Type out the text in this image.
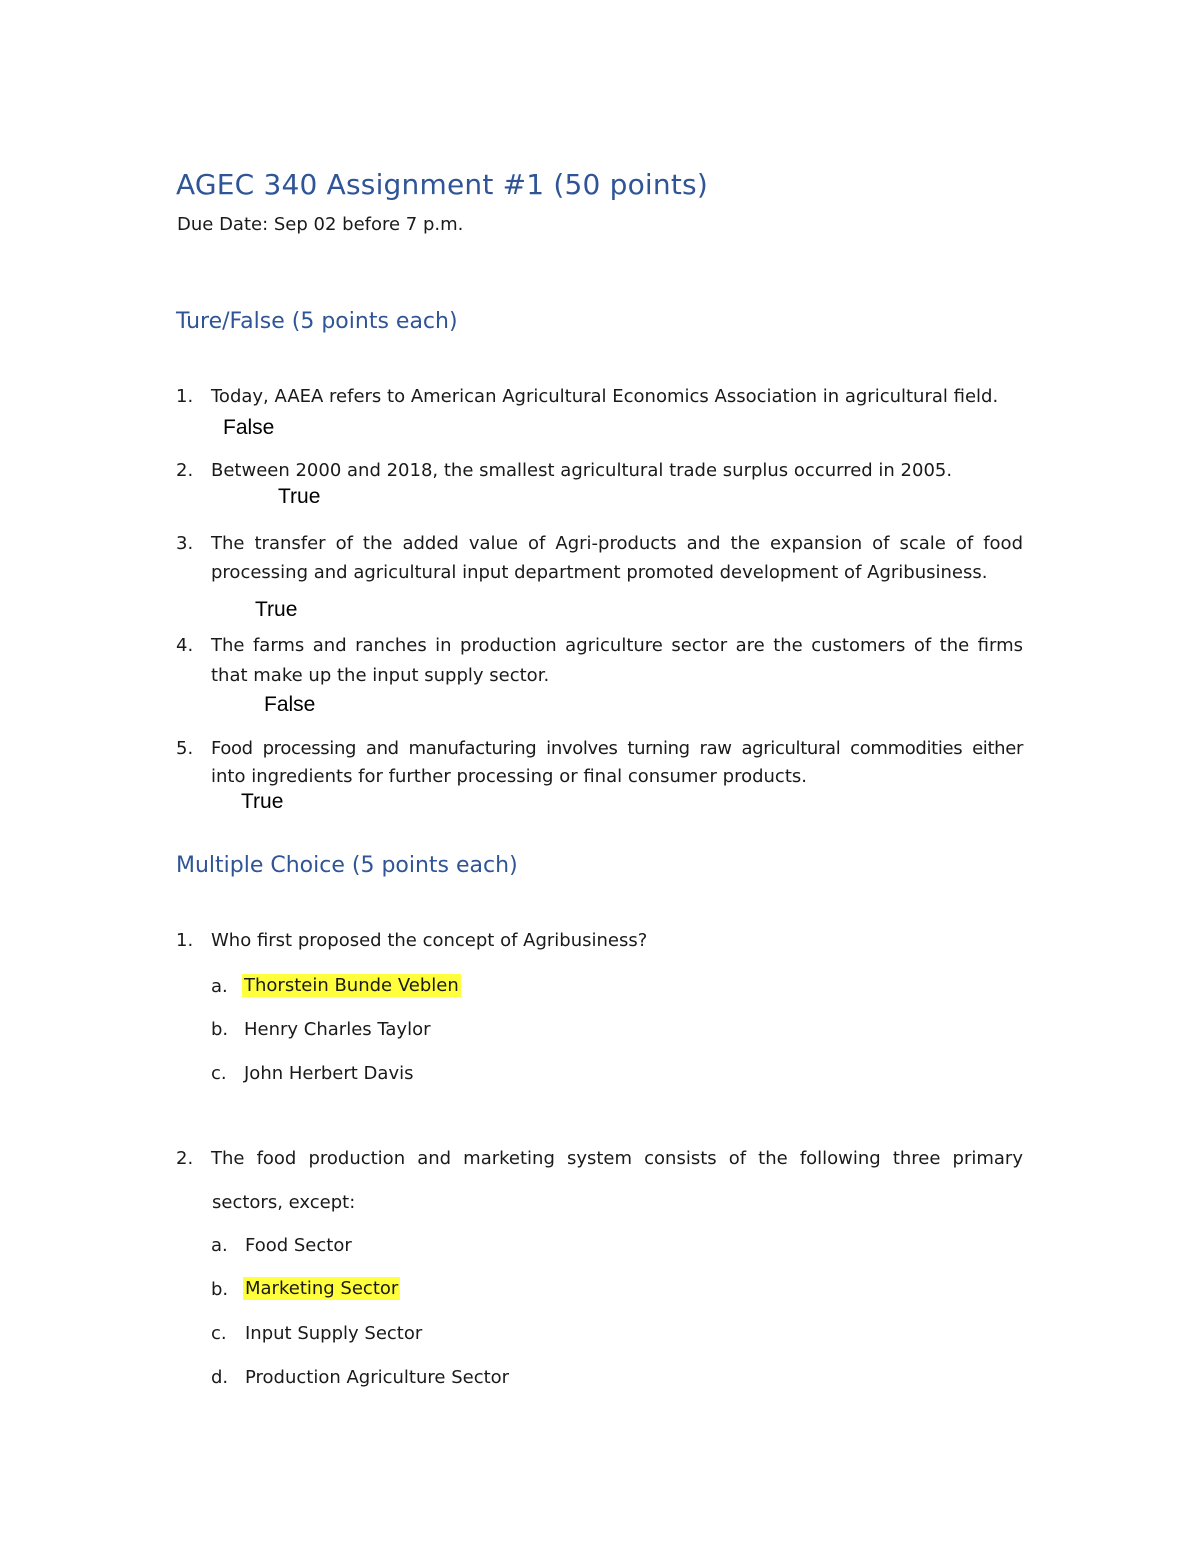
AGEC 340 Assignment #1 (50 points)
Due Date: Sep 02 before 7 p.m.
Ture/False (5 points each)
1. Today, AAEA refers to American Agricultural Economics Association in agricultural field.
False
2. Between 2000 and 2018, the smallest agricultural trade surplus occurred in 2005.
True
3. The transfer of the added value of Agri-products and the expansion of scale of food
processing and agricultural input department promoted development of Agribusiness.
True
4. The farms and ranches in production agriculture sector are the customers of the firms
that make up the input supply sector.
False
5. Food processing and manufacturing involves turning raw agricultural commodities either
into ingredients for further processing or final consumer products.
True
Multiple Choice (5 points each)
1. Who first proposed the concept of Agribusiness?
a. Thorstein Bunde Veblen
b. Henry Charles Taylor
c. John Herbert Davis
2. The food production and marketing system consists of the following three primary
sectors, except:
a. Food Sector
b. Marketing Sector
c. Input Supply Sector
d. Production Agriculture Sector
